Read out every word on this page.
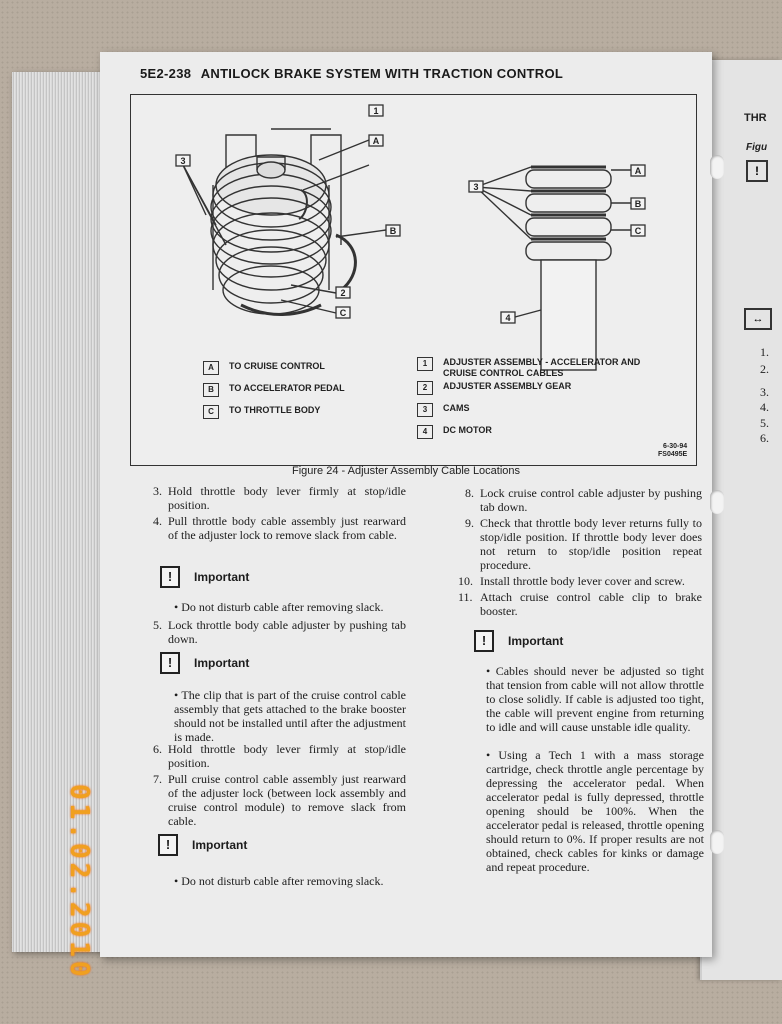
THR
Figu
!
↔
1.
2.
3.
4.
5.
6.
5E2-238 ANTILOCK BRAKE SYSTEM WITH TRACTION CONTROL
1
A
B
2
C
3
A
B
C
3
4
A	TO CRUISE CONTROL
B	TO ACCELERATOR PEDAL
C	TO THROTTLE BODY
1	ADJUSTER ASSEMBLY - ACCELERATOR AND CRUISE CONTROL CABLES
2	ADJUSTER ASSEMBLY GEAR
3	CAMS
4	DC MOTOR
6-30-94
FS0495E
Figure 24 - Adjuster Assembly Cable Locations
3. Hold throttle body lever firmly at stop/idle position.
4. Pull throttle body cable assembly just rearward of the adjuster lock to remove slack from cable.
!	Important
• Do not disturb cable after removing slack.
5. Lock throttle body cable adjuster by pushing tab down.
!	Important
• The clip that is part of the cruise control cable assembly that gets attached to the brake booster should not be installed until after the adjustment is made.
6. Hold throttle body lever firmly at stop/idle position.
7. Pull cruise control cable assembly just rearward of the adjuster lock (between lock assembly and cruise control module) to remove slack from cable.
!	Important
• Do not disturb cable after removing slack.
8. Lock cruise control cable adjuster by pushing tab down.
9. Check that throttle body lever returns fully to stop/idle position. If throttle body lever does not return to stop/idle position repeat procedure.
10. Install throttle body lever cover and screw.
11. Attach cruise control cable clip to brake booster.
!	Important
• Cables should never be adjusted so tight that tension from cable will not allow throttle to close solidly. If cable is adjusted too tight, the cable will prevent engine from returning to idle and will cause unstable idle quality.
• Using a Tech 1 with a mass storage cartridge, check throttle angle percentage by depressing the accelerator pedal. When accelerator pedal is fully depressed, throttle opening should be 100%. When the accelerator pedal is released, throttle opening should return to 0%. If proper results are not obtained, check cables for kinks or damage and repeat procedure.
01.02.2010
